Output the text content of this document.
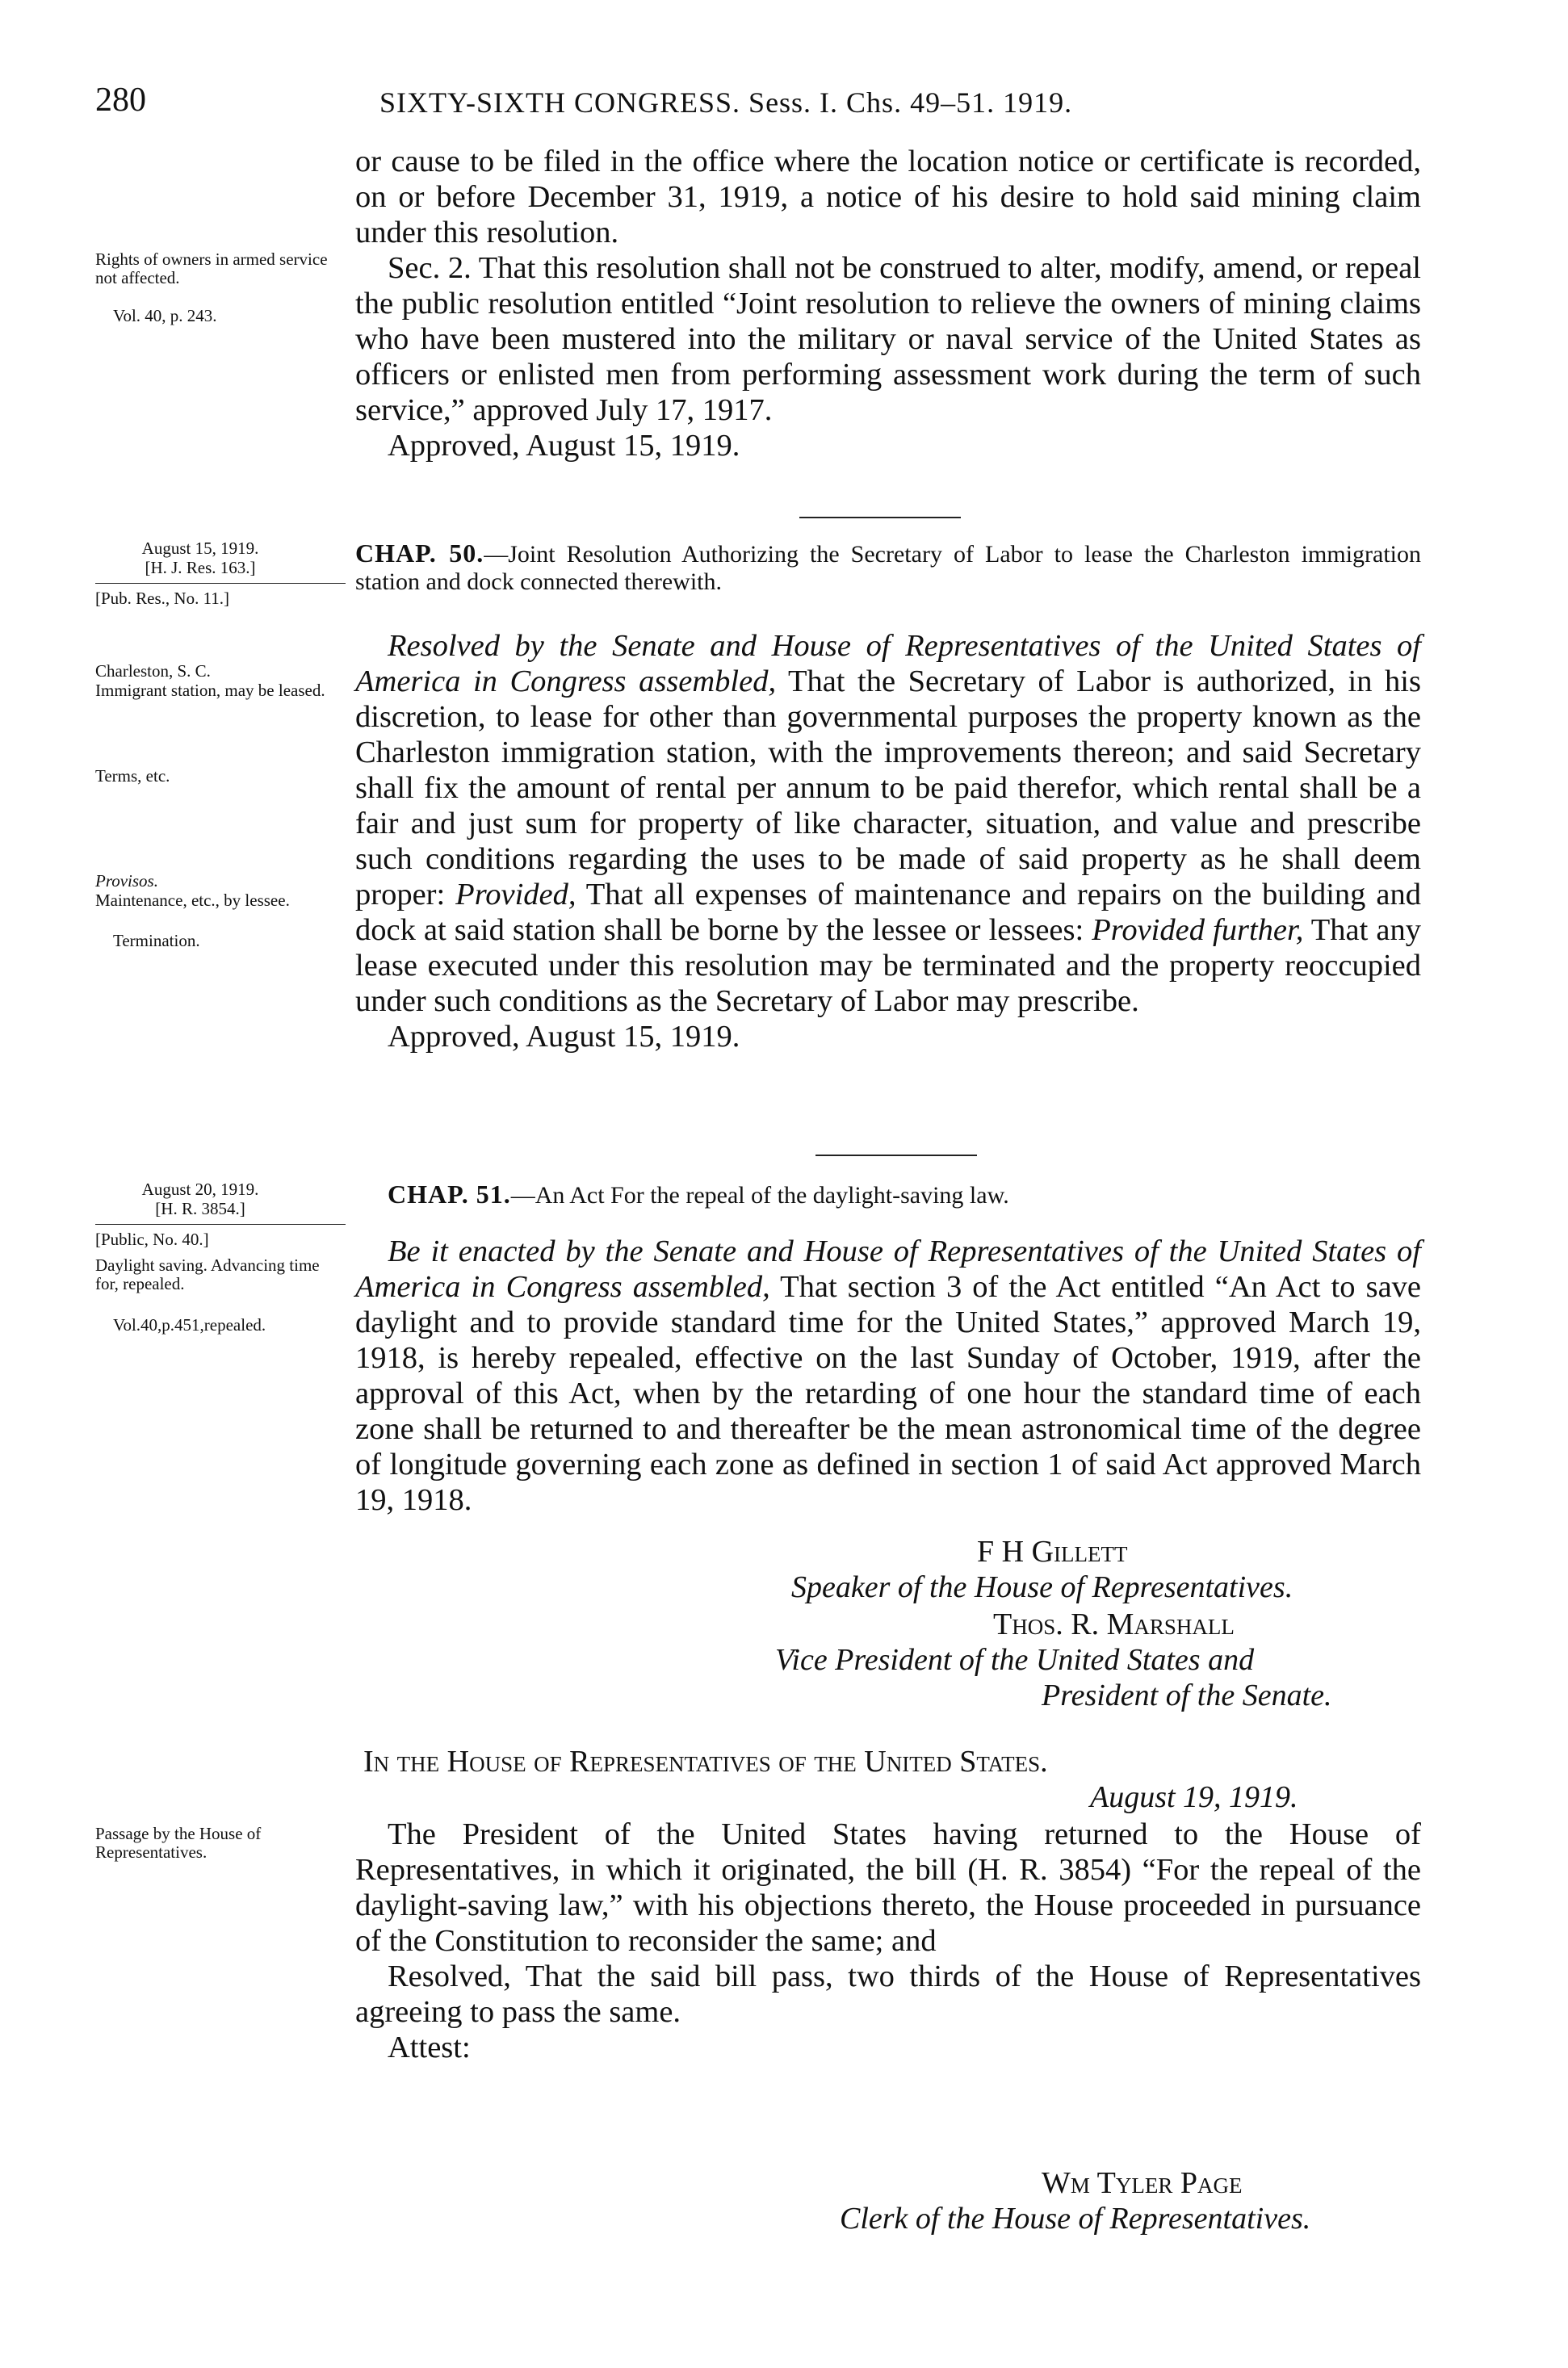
280	SIXTY-SIXTH CONGRESS. Sess. I. Chs. 49–51. 1919.

or cause to be filed in the office where the location notice or certificate is recorded, on or before December 31, 1919, a notice of his desire to hold said mining claim under this resolution.

Sec. 2. That this resolution shall not be construed to alter, modify, amend, or repeal the public resolution entitled “Joint resolution to relieve the owners of mining claims who have been mustered into the military or naval service of the United States as officers or enlisted men from performing assessment work during the term of such service,” approved July 17, 1917.

Approved, August 15, 1919.

Rights of owners in armed service not affected.

Vol. 40, p. 243.

August 15, 1919.

[H. J. Res. 163.]

[Pub. Res., No. 11.]

Charleston, S. C.

Immigrant station, may be leased.

Terms, etc.

Provisos.

Maintenance, etc., by lessee.

Termination.

CHAP. 50.—Joint Resolution Authorizing the Secretary of Labor to lease the Charleston immigration station and dock connected therewith.

Resolved by the Senate and House of Representatives of the United States of America in Congress assembled, That the Secretary of Labor is authorized, in his discretion, to lease for other than governmental purposes the property known as the Charleston immigration station, with the improvements thereon; and said Secretary shall fix the amount of rental per annum to be paid therefor, which rental shall be a fair and just sum for property of like character, situation, and value and prescribe such conditions regarding the uses to be made of said property as he shall deem proper: Provided, That all expenses of maintenance and repairs on the building and dock at said station shall be borne by the lessee or lessees: Provided further, That any lease executed under this resolution may be terminated and the property reoccupied under such conditions as the Secretary of Labor may prescribe.

Approved, August 15, 1919.

August 20, 1919.

[H. R. 3854.]

[Public, No. 40.]

Daylight saving. Advancing time for, repealed.

Vol.40,p.451,repealed.

CHAP. 51.—An Act For the repeal of the daylight-saving law.

Be it enacted by the Senate and House of Representatives of the United States of America in Congress assembled, That section 3 of the Act entitled “An Act to save daylight and to provide standard time for the United States,” approved March 19, 1918, is hereby repealed, effective on the last Sunday of October, 1919, after the approval of this Act, when by the retarding of one hour the standard time of each zone shall be returned to and thereafter be the mean astronomical time of the degree of longitude governing each zone as defined in section 1 of said Act approved March 19, 1918.

F H Gillett

Speaker of the House of Representatives.

Thos. R. Marshall

Vice President of the United States and

President of the Senate.

In the House of Representatives of the United States.

August 19, 1919.

Passage by the House of Representatives.

The President of the United States having returned to the House of Representatives, in which it originated, the bill (H. R. 3854) “For the repeal of the daylight-saving law,” with his objections thereto, the House proceeded in pursuance of the Constitution to reconsider the same; and

Resolved, That the said bill pass, two thirds of the House of Representatives agreeing to pass the same.

Attest:

Wm Tyler Page

Clerk of the House of Representatives.
